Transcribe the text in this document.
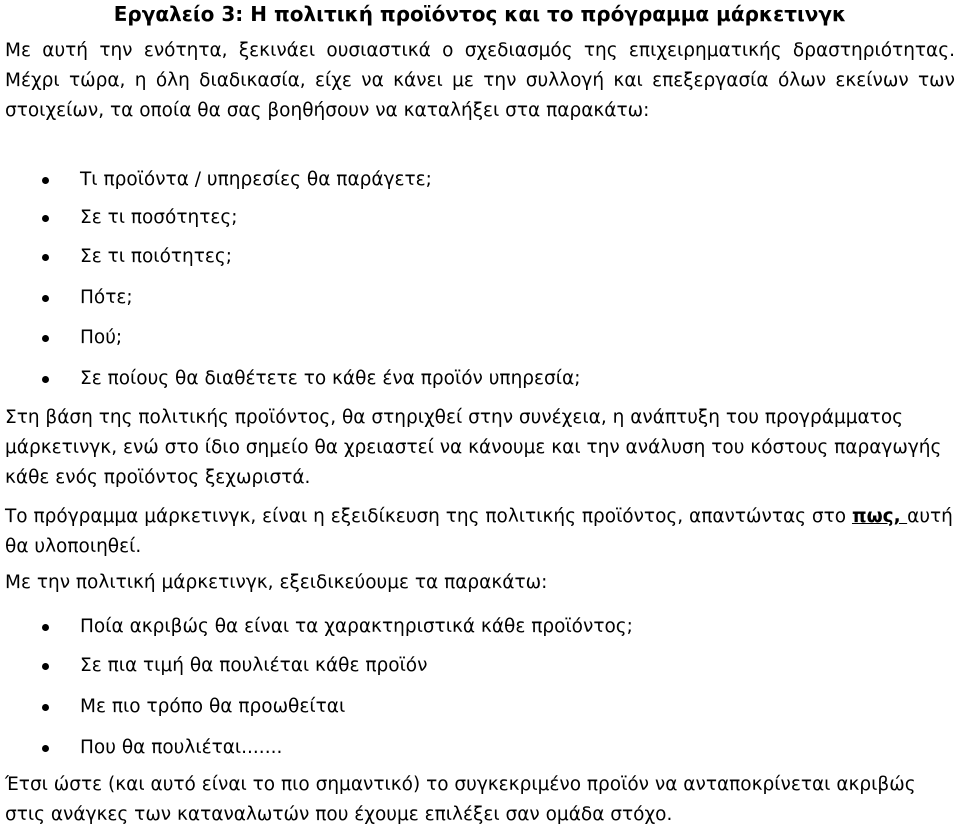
Εργαλείο 3: Η πολιτική προϊόντος και το πρόγραμμα μάρκετινγκ
Με αυτή την ενότητα, ξεκινάει ουσιαστικά ο σχεδιασμός της επιχειρηματικής δραστηριότητας. Μέχρι τώρα, η όλη διαδικασία, είχε να κάνει με την συλλογή και επεξεργασία όλων εκείνων των στοιχείων, τα οποία θα σας βοηθήσουν να καταλήξει στα παρακάτω:
Τι προϊόντα / υπηρεσίες θα παράγετε;
Σε τι ποσότητες;
Σε τι ποιότητες;
Πότε;
Πού;
Σε ποίους θα διαθέτετε το κάθε ένα προϊόν υπηρεσία;
Στη βάση της πολιτικής προϊόντος, θα στηριχθεί στην συνέχεια, η ανάπτυξη του προγράμματος μάρκετινγκ, ενώ στο ίδιο σημείο θα χρειαστεί να κάνουμε και την ανάλυση του κόστους παραγωγής κάθε ενός προϊόντος ξεχωριστά.
Το πρόγραμμα μάρκετινγκ, είναι η εξειδίκευση της πολιτικής προϊόντος, απαντώντας στο πως, αυτή θα υλοποιηθεί.
Με την πολιτική μάρκετινγκ, εξειδικεύουμε τα παρακάτω:
Ποία ακριβώς θα είναι τα χαρακτηριστικά κάθε προϊόντος;
Σε πια τιμή θα πουλιέται κάθε προϊόν
Με πιο τρόπο θα προωθείται
Που θα πουλιέται.......
Έτσι ώστε (και αυτό είναι το πιο σημαντικό) το συγκεκριμένο προϊόν να ανταποκρίνεται ακριβώς στις ανάγκες των καταναλωτών που έχουμε επιλέξει σαν ομάδα στόχο.
